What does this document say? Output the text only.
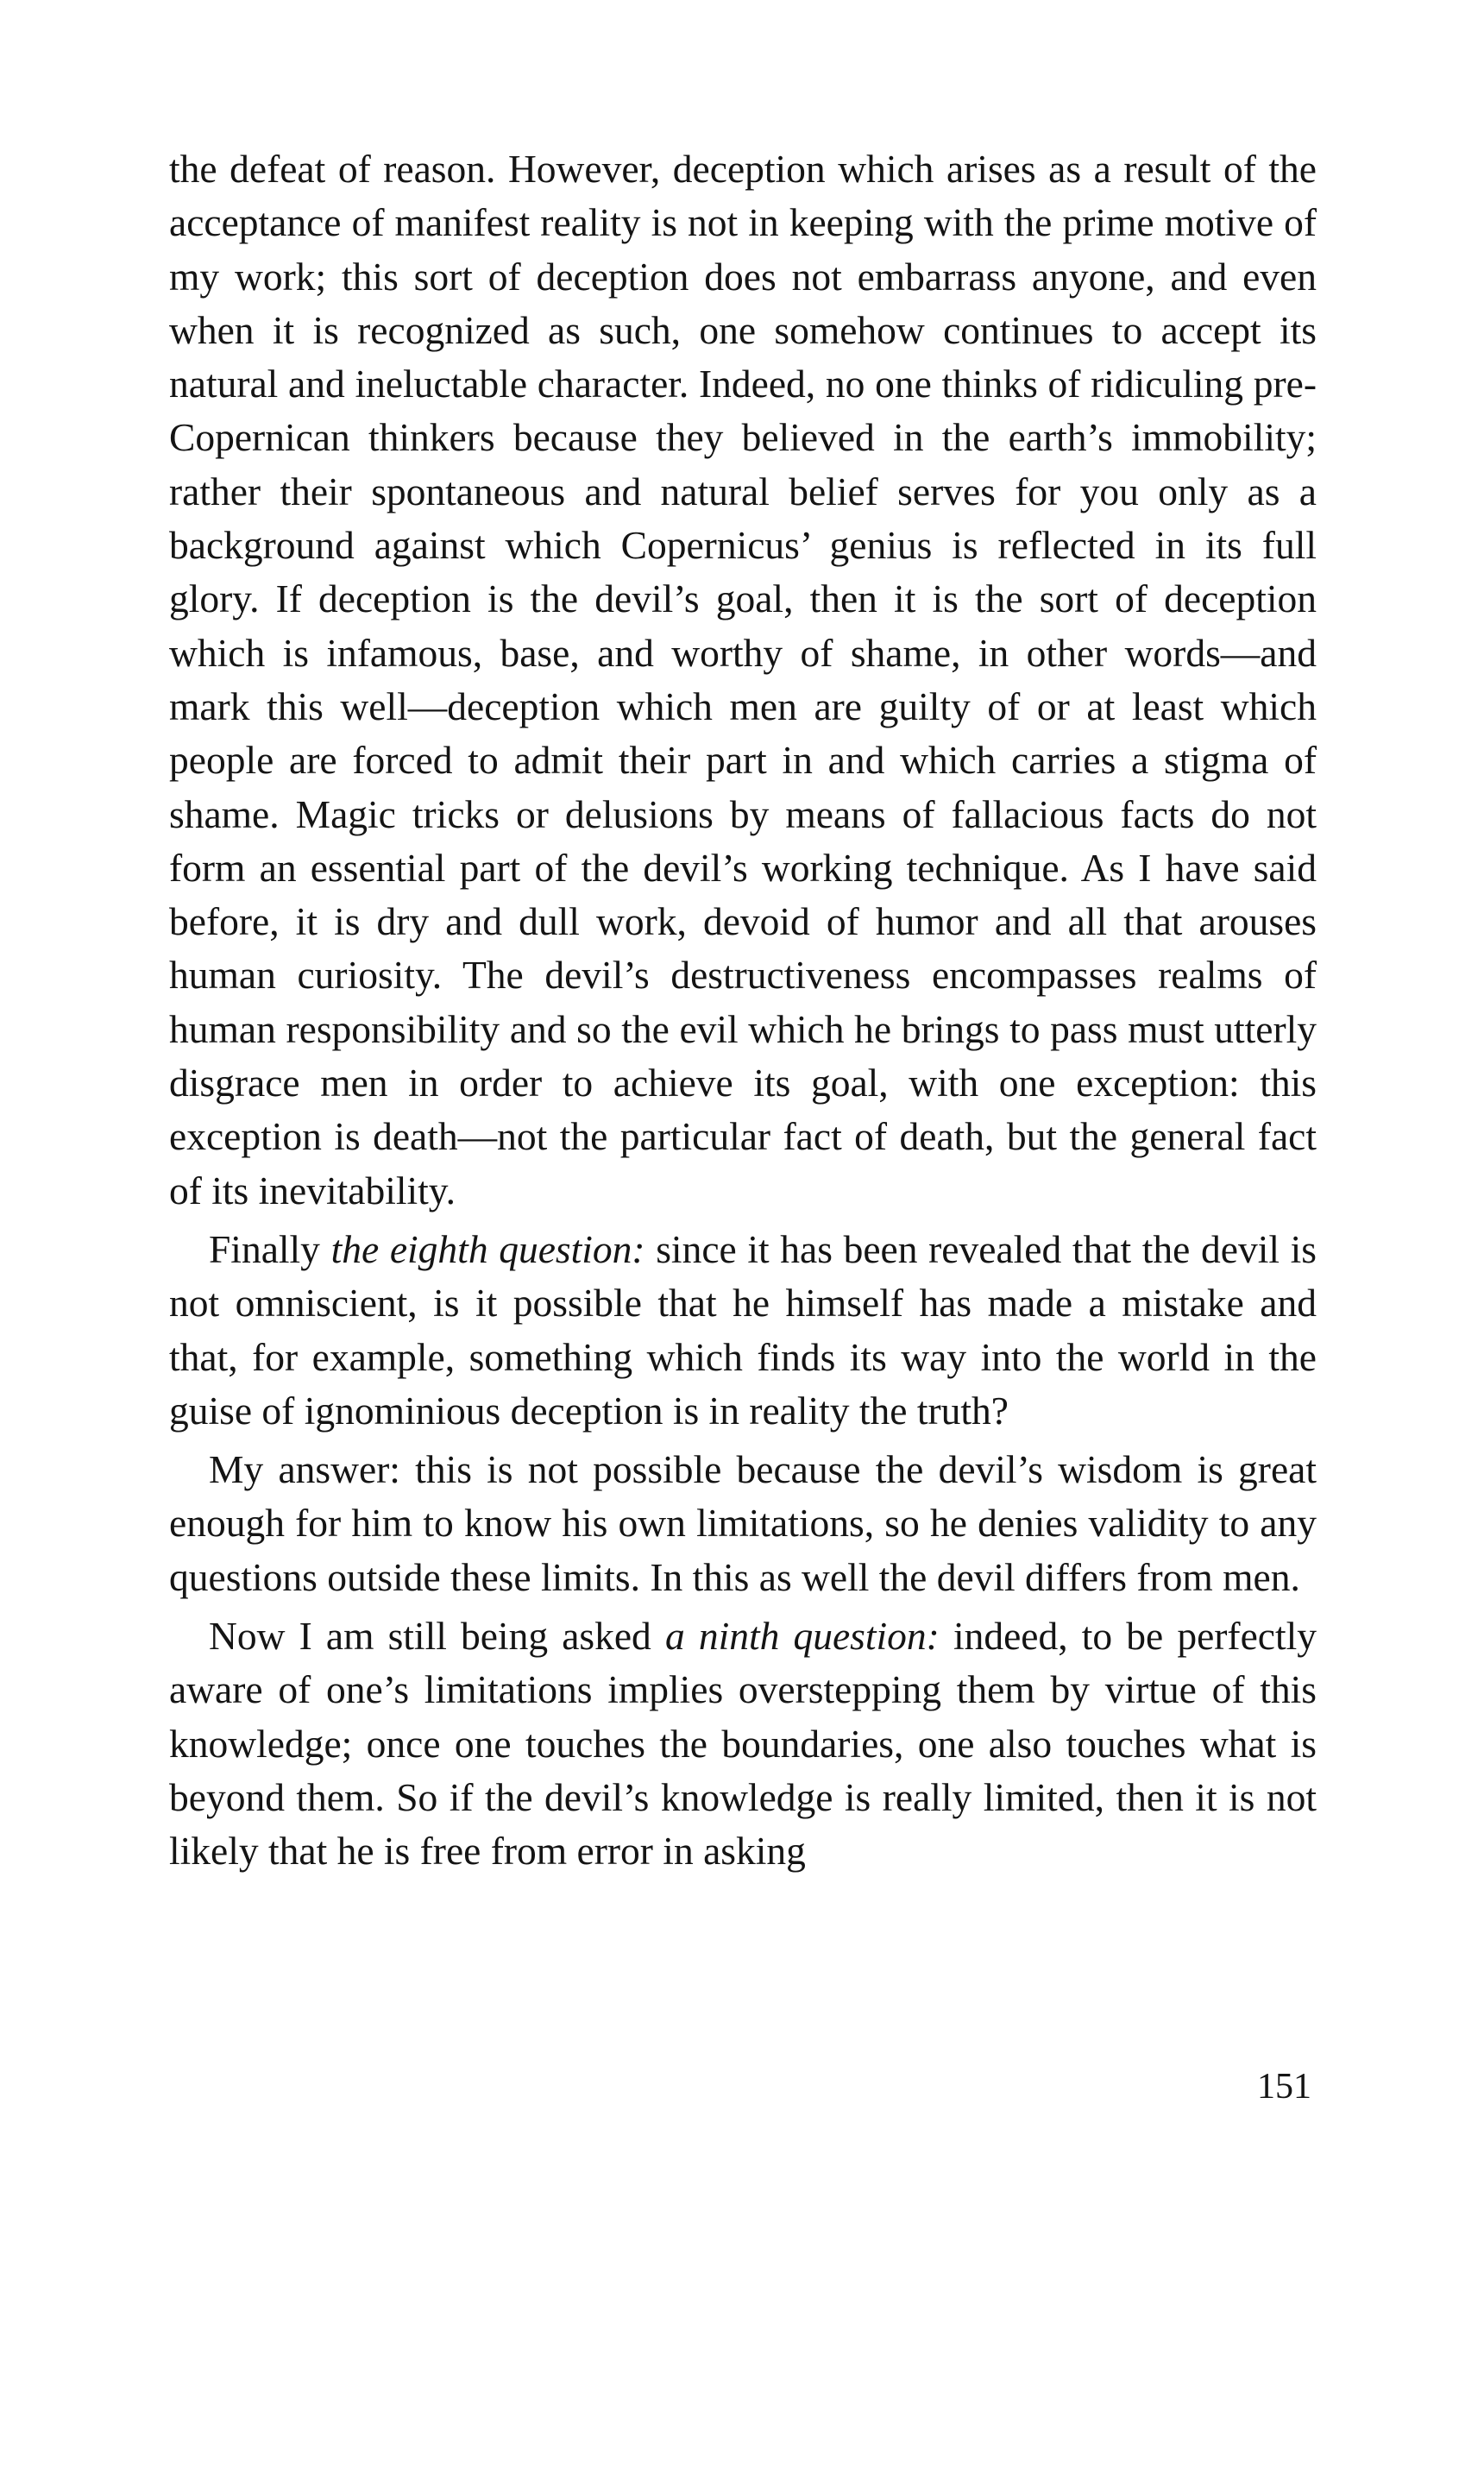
the defeat of reason. However, deception which arises as a result of the acceptance of manifest reality is not in keeping with the prime motive of my work; this sort of deception does not embarrass anyone, and even when it is recognized as such, one somehow continues to accept its natural and ineluctable character. Indeed, no one thinks of ridiculing pre-Copernican thinkers because they believed in the earth’s immobility; rather their spontaneous and natural belief serves for you only as a background against which Copernicus’ genius is reflected in its full glory. If deception is the devil’s goal, then it is the sort of deception which is infamous, base, and worthy of shame, in other words—and mark this well—deception which men are guilty of or at least which people are forced to admit their part in and which carries a stigma of shame. Magic tricks or delusions by means of fallacious facts do not form an essential part of the devil’s working technique. As I have said before, it is dry and dull work, devoid of humor and all that arouses human curiosity. The devil’s destructiveness encompasses realms of human responsibility and so the evil which he brings to pass must utterly disgrace men in order to achieve its goal, with one exception: this exception is death—not the particular fact of death, but the general fact of its inevitability.

Finally the eighth question: since it has been revealed that the devil is not omniscient, is it possible that he himself has made a mistake and that, for example, something which finds its way into the world in the guise of ignominious deception is in reality the truth?

My answer: this is not possible because the devil’s wisdom is great enough for him to know his own limitations, so he denies validity to any questions outside these limits. In this as well the devil differs from men.

Now I am still being asked a ninth question: indeed, to be perfectly aware of one’s limitations implies overstepping them by virtue of this knowledge; once one touches the boundaries, one also touches what is beyond them. So if the devil’s knowledge is really limited, then it is not likely that he is free from error in asking

151
